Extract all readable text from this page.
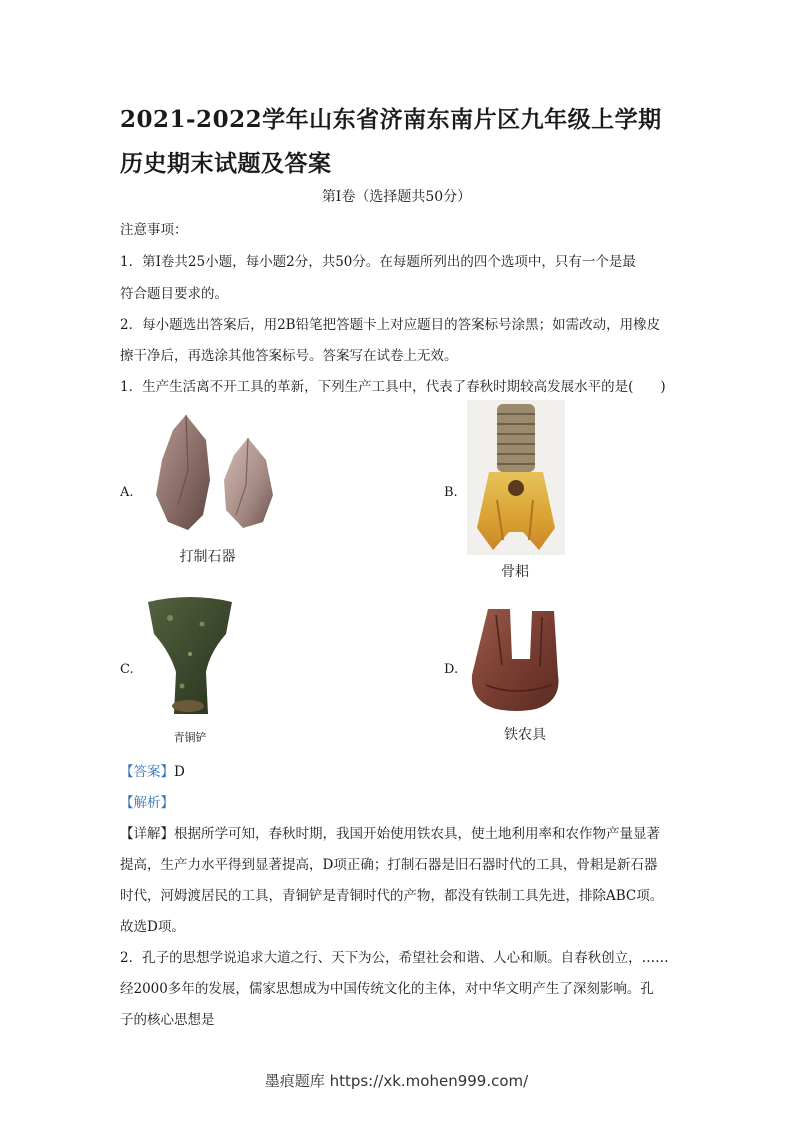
2021-2022学年山东省济南东南片区九年级上学期历史期末试题及答案
第Ⅰ卷（选择题共50分）
注意事项：
1．第Ⅰ卷共25小题，每小题2分，共50分。在每题所列出的四个选项中，只有一个是最
符合题目要求的。
2．每小题选出答案后，用2B铅笔把答题卡上对应题目的答案标号涂黑；如需改动，用橡皮
擦干净后，再选涂其他答案标号。答案写在试卷上无效。
1．生产生活离不开工具的革新，下列生产工具中，代表了春秋时期较高发展水平的是(　　)
A.
打制石器
B.
骨耜
C.
青铜铲
D.
铁农具
【答案】D
【解析】
【详解】根据所学可知，春秋时期，我国开始使用铁农具，使土地利用率和农作物产量显著
提高，生产力水平得到显著提高，D项正确；打制石器是旧石器时代的工具，骨耜是新石器
时代，河姆渡居民的工具，青铜铲是青铜时代的产物，都没有铁制工具先进，排除ABC项。
故选D项。
2．孔子的思想学说追求大道之行、天下为公，希望社会和谐、人心和顺。自春秋创立，……
经2000多年的发展，儒家思想成为中国传统文化的主体，对中华文明产生了深刻影响。孔
子的核心思想是
墨痕题库 https://xk.mohen999.com/
